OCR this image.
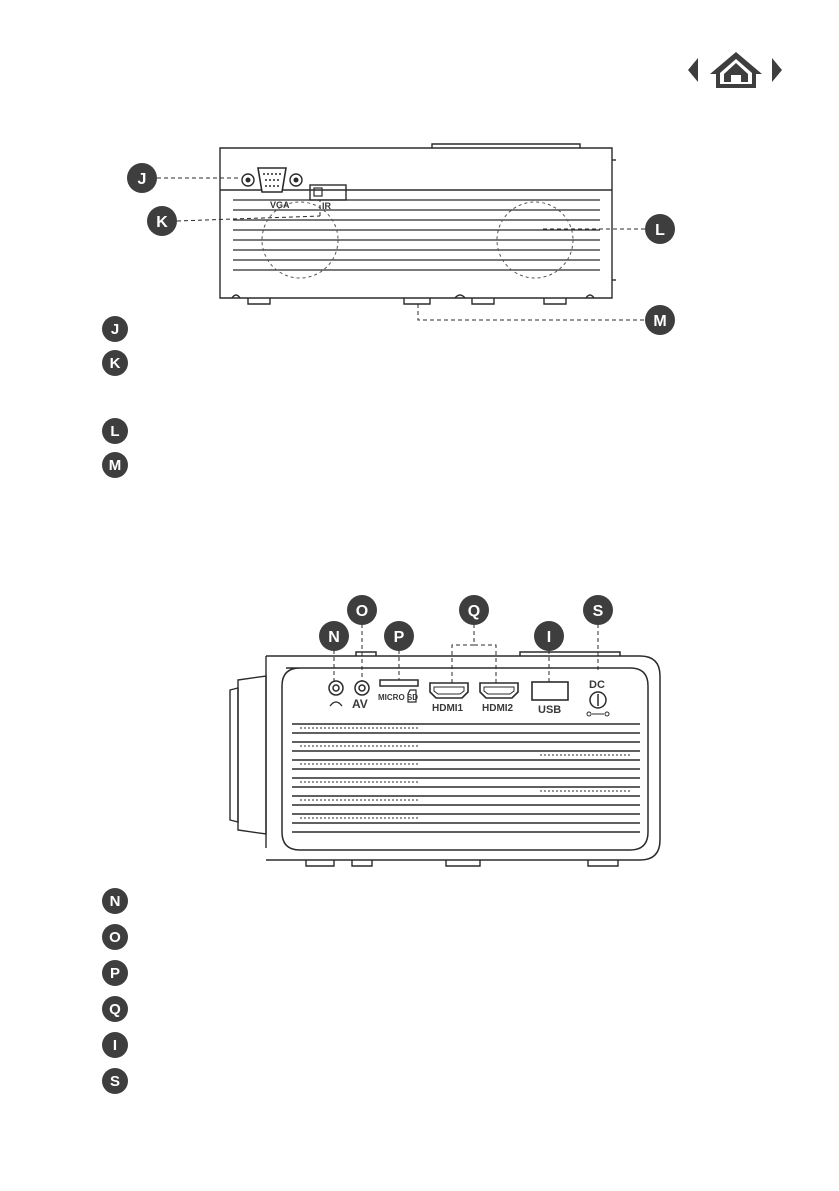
VGA	IR
J
K	L
M
J
K
L
M
AV MICRO SD
HDMI1 HDMI2 USB
DC
N
O
P
Q
I
S
N
O
P
Q
I
S
